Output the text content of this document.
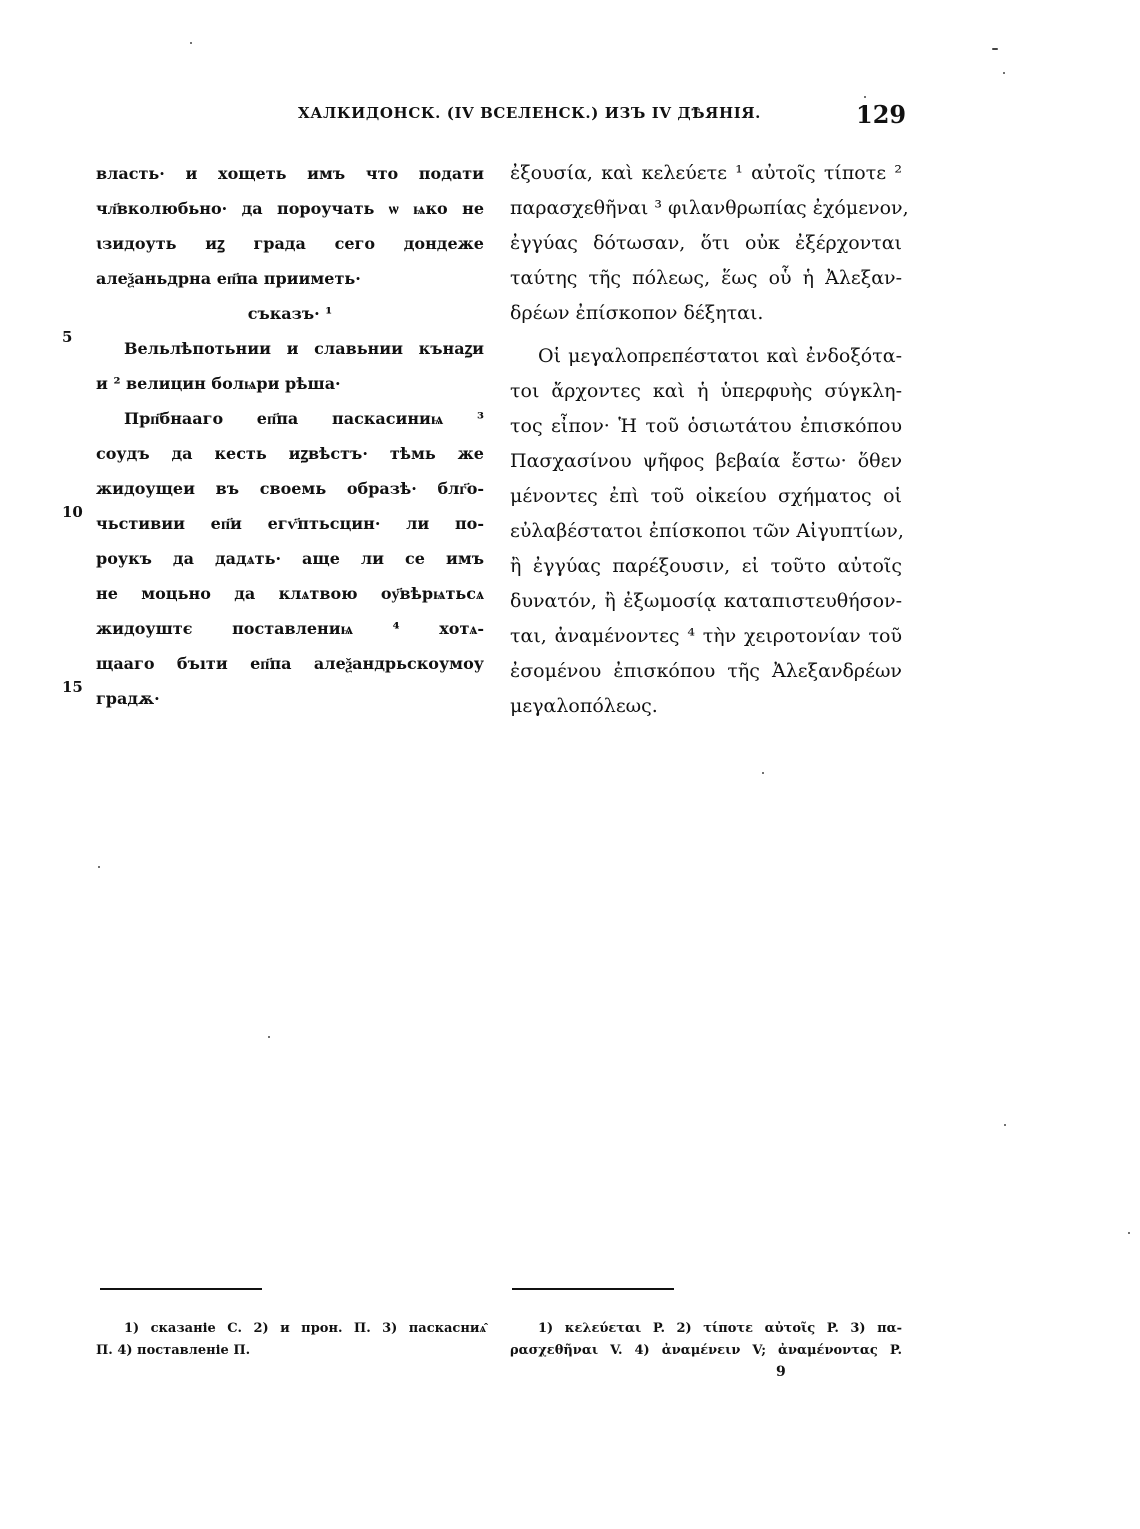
ХАЛКИДОНСК. (IV ВСЕЛЕНСК.) ИЗЪ IV ДѢЯНІЯ.	129
власть· и хощеть имъ что подати
чл҃вколюбьно· да пороучать ѡ ѩко не
ꙇзидоуть иꙁ града сего дондеже
алеѯаньдрна еп҃па прииметь·
съказъ· ¹
Вельлѣпотьнии и славьнии кънаꙁи
и ² велицин болѩри рѣша·
Прп҃бнааго еп҃па паскасиниѩ ³
соудъ да кесть иꙁвѣстъ· тѣмь же
жидоущеи въ своемь образѣ· блг҃о-
чьстивии еп҃и егѵ҃птьсцин· ли по-
роукъ да дадѧть· аще ли се имъ
не моцьно да клѧтвою оу҃вѣрѩтьсѧ
жидоуштє поставлениѩ ⁴ хотѧ-
щааго бъıти еп҃па алеѯандрьскоумоу
градѫ·
5
10
15
ἐξουσία, καὶ κελεύετε ¹ αὐτοῖς τίποτε ²
παρασχεθῆναι ³ φιλανθρωπίας ἐχόμενον,
ἐγγύας δότωσαν, ὅτι οὐκ ἐξέρχονται
ταύτης τῆς πόλεως, ἕως οὗ ἡ Ἀλεξαν-
δρέων ἐπίσκοπον δέξηται.
Οἱ μεγαλοπρεπέστατοι καὶ ἐνδοξότα-
τοι ἄρχοντες καὶ ἡ ὑπερφυὴς σύγκλη-
τος εἶπον· Ἡ τοῦ ὁσιωτάτου ἐπισκόπου
Πασχασίνου ψῆφος βεβαία ἔστω· ὅθεν
μένοντες ἐπὶ τοῦ οἰκείου σχήματος οἱ
εὐλαβέστατοι ἐπίσκοποι τῶν Αἰγυπτίων,
ἢ ἐγγύας παρέξουσιν, εἰ τοῦτο αὐτοῖς
δυνατόν, ἢ ἐξωμοσίᾳ καταπιστευθήσον-
ται, ἀναμένοντες ⁴ τὴν χειροτονίαν τοῦ
ἐσομένου ἐπισκόπου τῆς Ἀλεξανδρέων
μεγαλοπόλεως.
1) сказаніе С. 2) и прон. П. 3) паскасниѧ̂
П. 4) поставленіе П.
1) κελεύεται P. 2) τίποτε αὐτοῖς P. 3) πα-
ρασχεθῆναι V. 4) ἀναμένειν V; ἀναμένοντας P.
9
